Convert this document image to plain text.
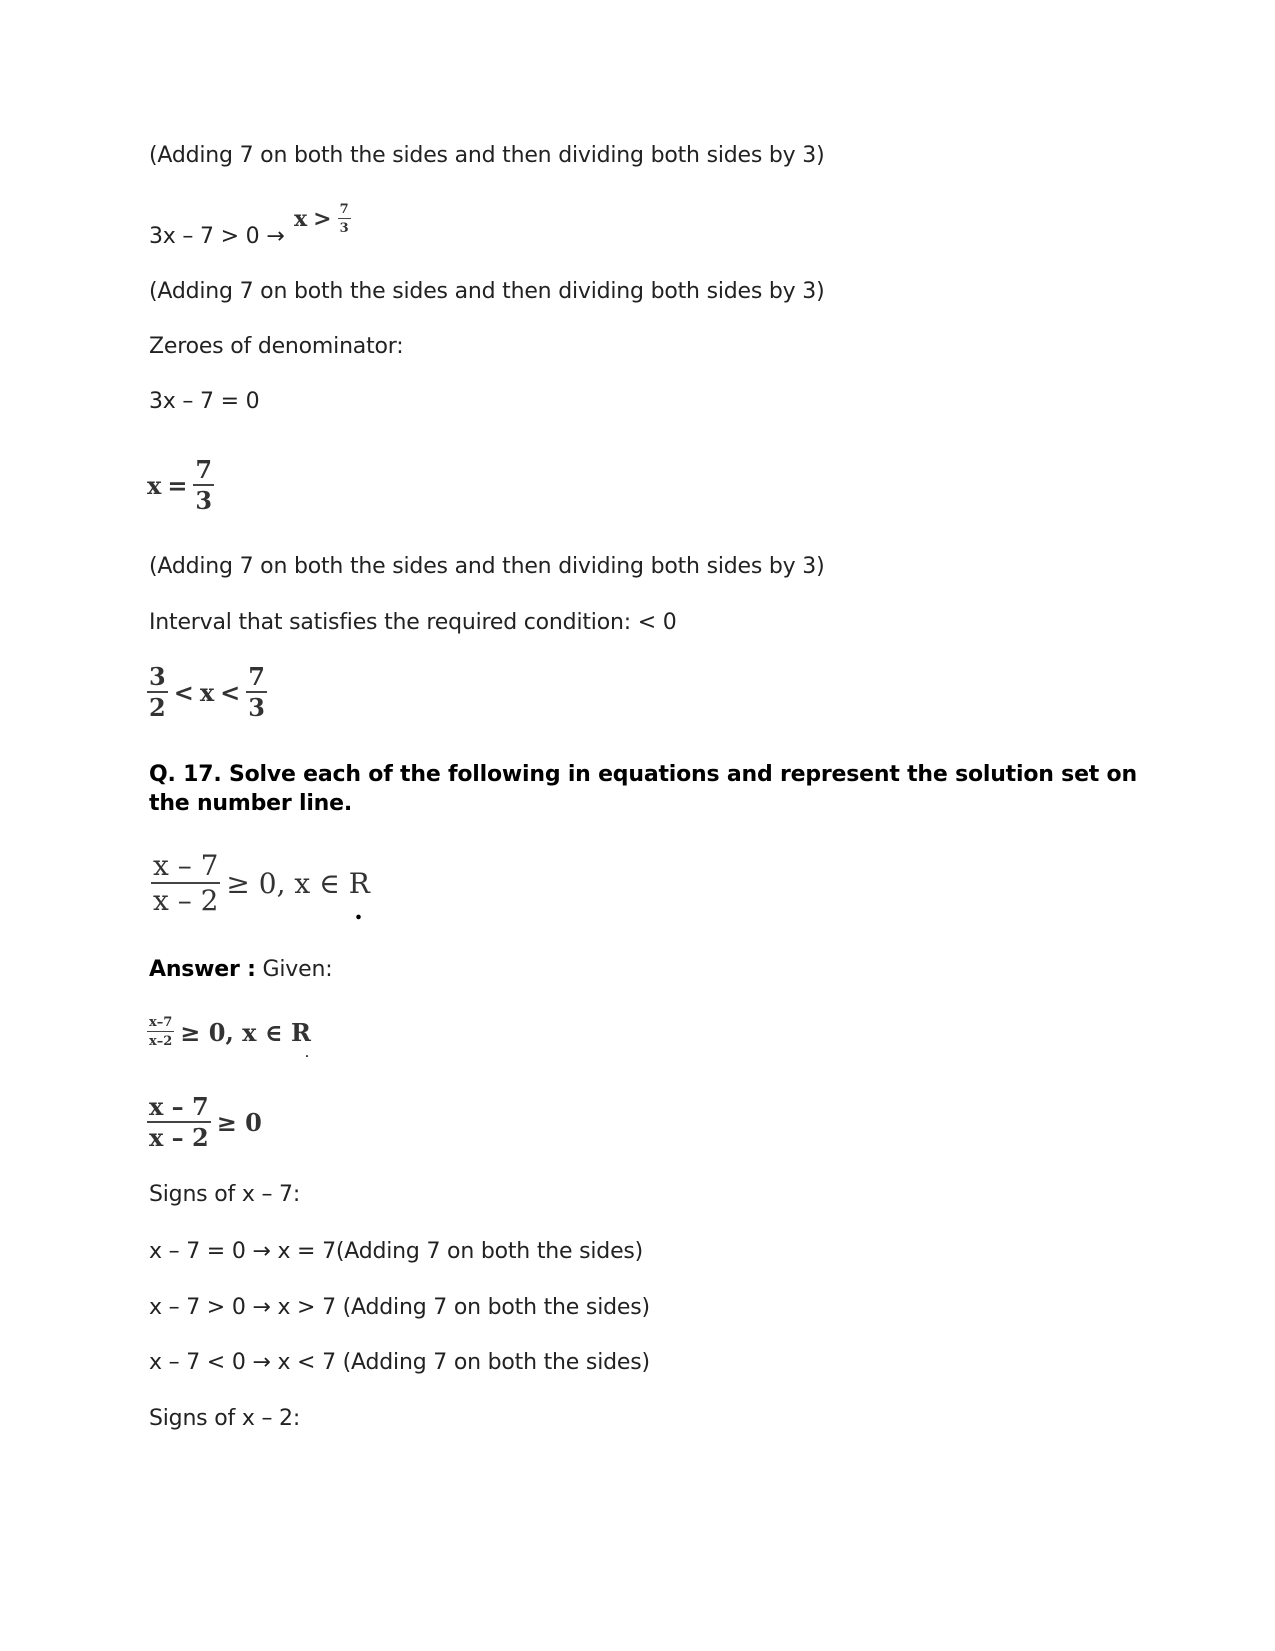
(Adding 7 on both the sides and then dividing both sides by 3)

3x – 7 > 0 →

$x > \frac{7}{3}$

(Adding 7 on both the sides and then dividing both sides by 3)

Zeroes of denominator:

3x – 7 = 0

$x = \frac{7}{3}$

(Adding 7 on both the sides and then dividing both sides by 3)

Interval that satisfies the required condition: < 0

$\frac{3}{2} < x < \frac{7}{3}$

Q. 17. Solve each of the following in equations and represent the solution set on

the number line.

$\frac{x - 7}{x - 2} \ge 0$, x ∈ R
.

Answer : Given:

$\frac{x-7}{x-2} \ge 0$, x ∈ R
.
$\frac{x - 7}{x - 2} \ge 0$

Signs of x – 7:

x – 7 = 0 → x = 7(Adding 7 on both the sides)

x – 7 > 0 → x > 7 (Adding 7 on both the sides)

x – 7 < 0 → x < 7 (Adding 7 on both the sides)

Signs of x – 2:
